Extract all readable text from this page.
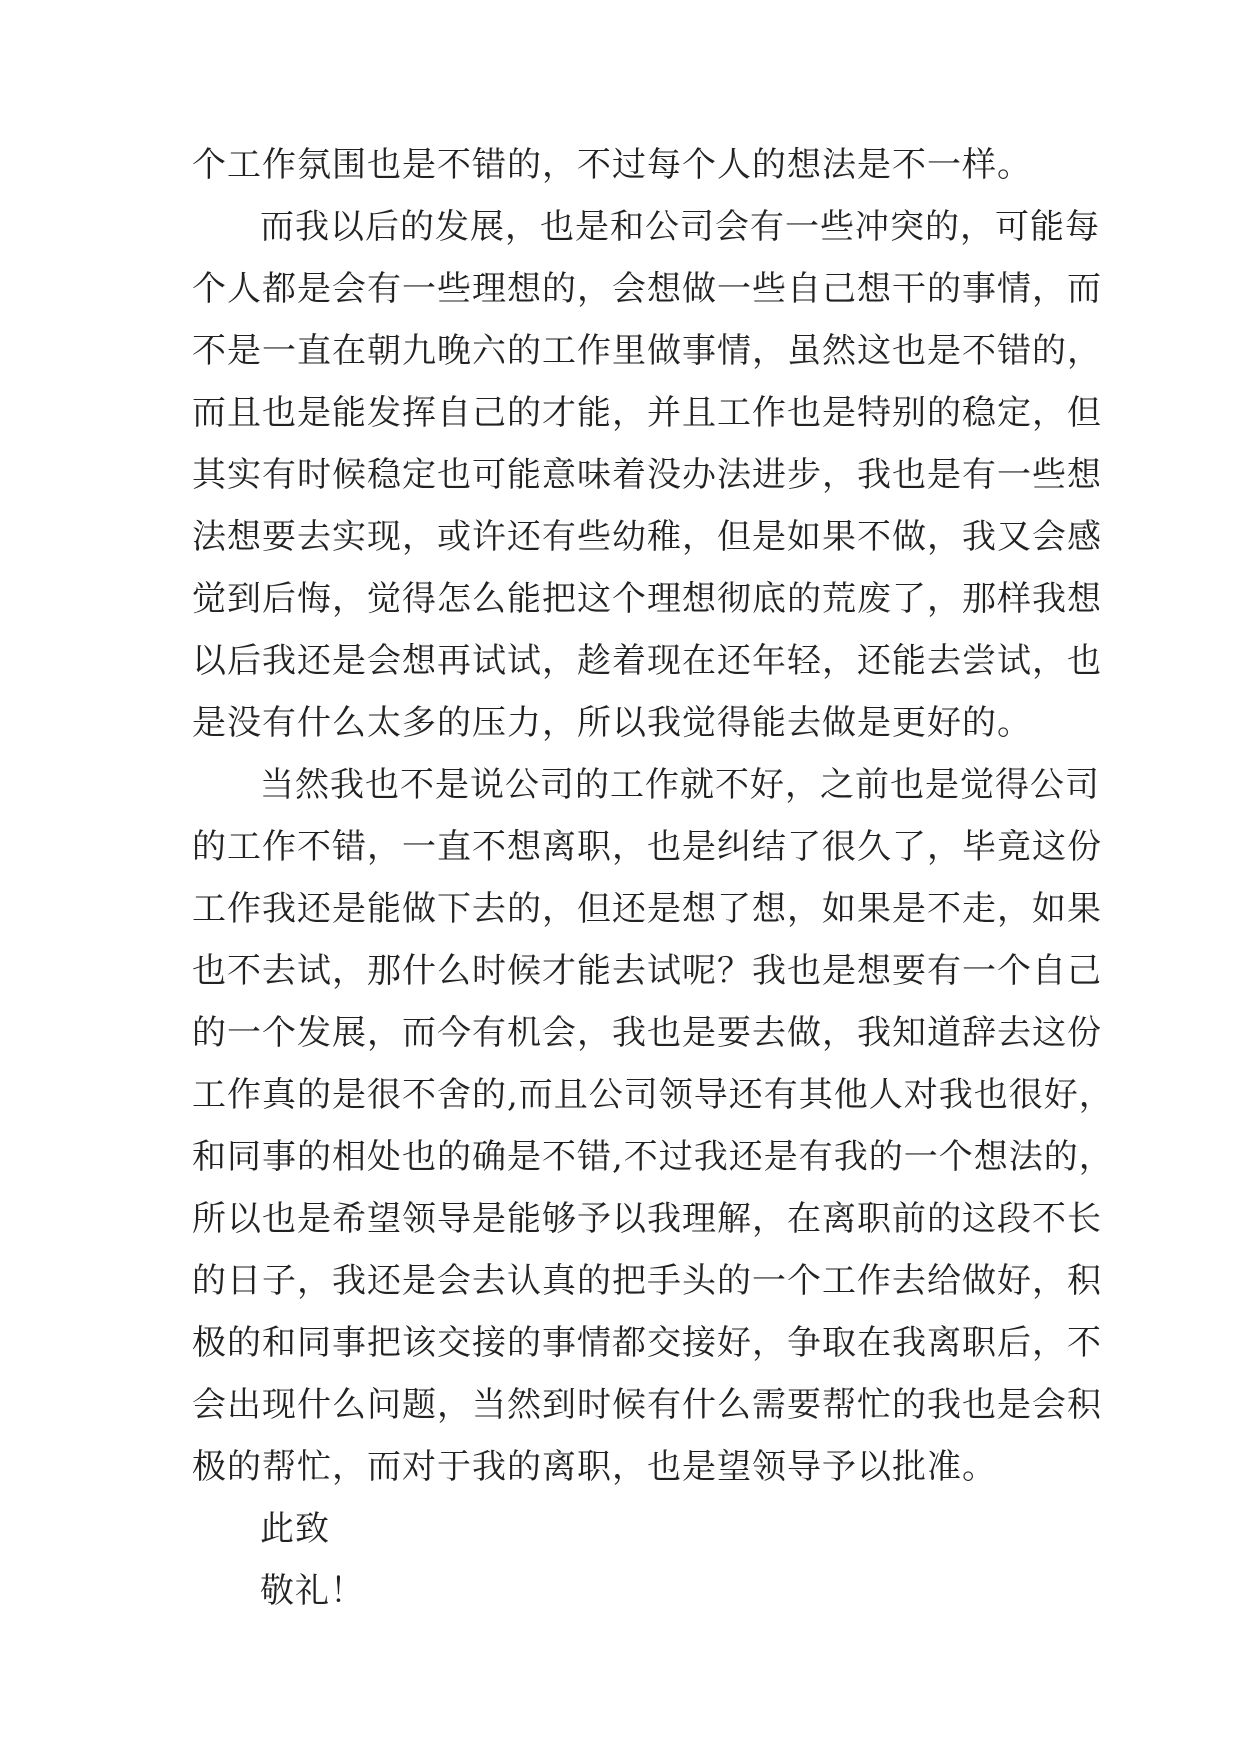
个工作氛围也是不错的，不过每个人的想法是不一样。
而我以后的发展，也是和公司会有一些冲突的，可能每
个人都是会有一些理想的，会想做一些自己想干的事情，而
不是一直在朝九晚六的工作里做事情，虽然这也是不错的，
而且也是能发挥自己的才能，并且工作也是特别的稳定，但
其实有时候稳定也可能意味着没办法进步，我也是有一些想
法想要去实现，或许还有些幼稚，但是如果不做，我又会感
觉到后悔，觉得怎么能把这个理想彻底的荒废了，那样我想
以后我还是会想再试试，趁着现在还年轻，还能去尝试，也
是没有什么太多的压力，所以我觉得能去做是更好的。
当然我也不是说公司的工作就不好，之前也是觉得公司
的工作不错，一直不想离职，也是纠结了很久了，毕竟这份
工作我还是能做下去的，但还是想了想，如果是不走，如果
也不去试，那什么时候才能去试呢？我也是想要有一个自己
的一个发展，而今有机会，我也是要去做，我知道辞去这份
工作真的是很不舍的,而且公司领导还有其他人对我也很好，
和同事的相处也的确是不错,不过我还是有我的一个想法的，
所以也是希望领导是能够予以我理解，在离职前的这段不长
的日子，我还是会去认真的把手头的一个工作去给做好，积
极的和同事把该交接的事情都交接好，争取在我离职后，不
会出现什么问题，当然到时候有什么需要帮忙的我也是会积
极的帮忙，而对于我的离职，也是望领导予以批准。
此致
敬礼！
